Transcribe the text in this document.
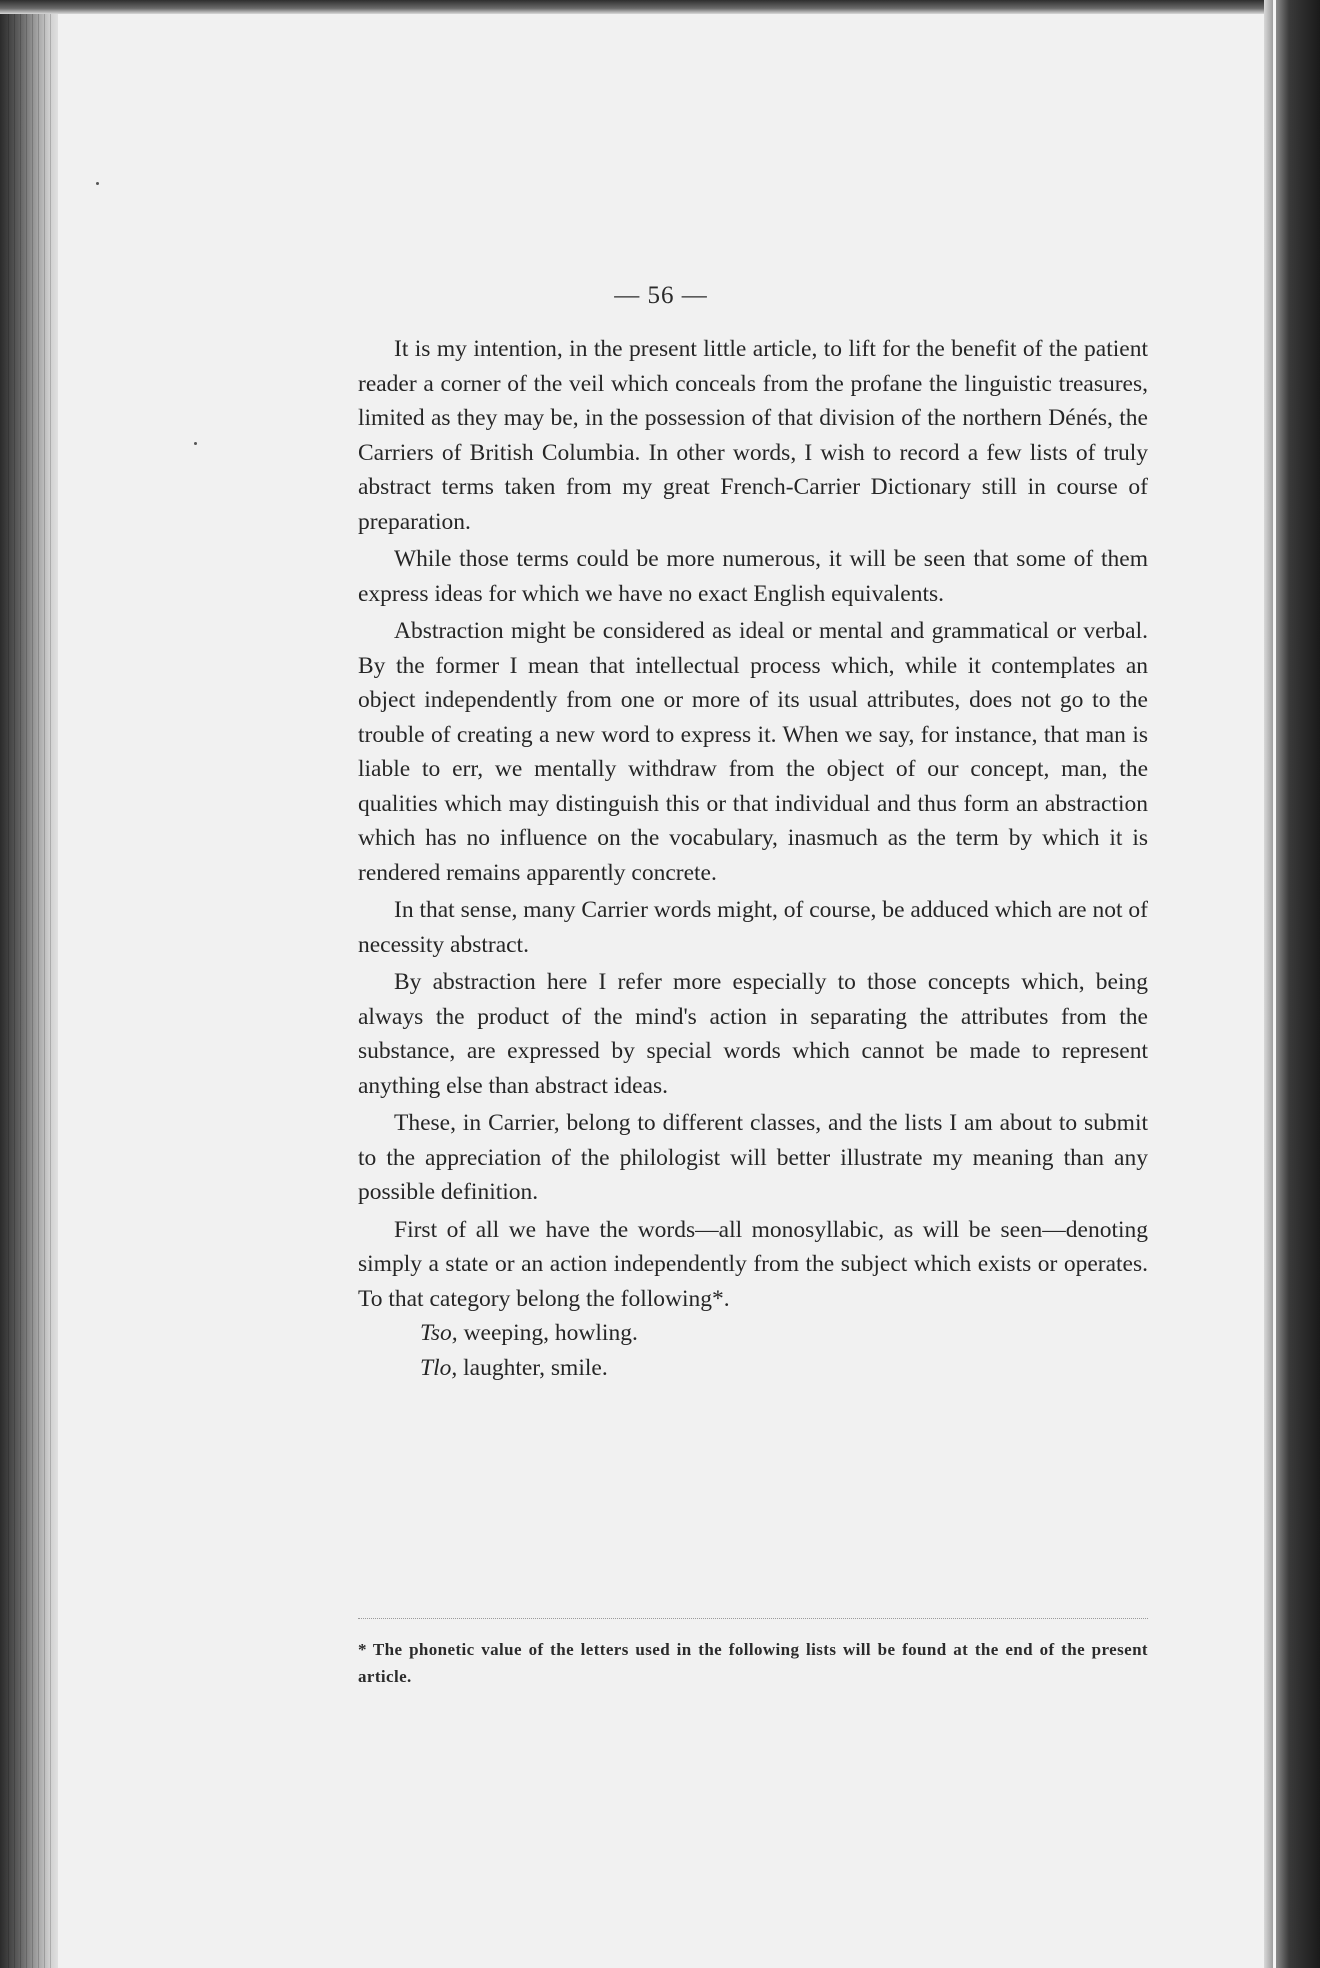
— 56 —

It is my intention, in the present little article, to lift for the benefit of the patient reader a corner of the veil which conceals from the profane the linguistic treasures, limited as they may be, in the possession of that division of the northern Dénés, the Carriers of British Columbia. In other words, I wish to record a few lists of truly abstract terms taken from my great French-Carrier Dictionary still in course of preparation.

While those terms could be more numerous, it will be seen that some of them express ideas for which we have no exact English equivalents.

Abstraction might be considered as ideal or mental and grammatical or verbal. By the former I mean that intellectual process which, while it contemplates an object independently from one or more of its usual attributes, does not go to the trouble of creating a new word to express it. When we say, for instance, that man is liable to err, we mentally withdraw from the object of our concept, man, the qualities which may distinguish this or that individual and thus form an abstraction which has no influence on the vocabulary, inasmuch as the term by which it is rendered remains apparently concrete.

In that sense, many Carrier words might, of course, be adduced which are not of necessity abstract.

By abstraction here I refer more especially to those concepts which, being always the product of the mind's action in separating the attributes from the substance, are expressed by special words which cannot be made to represent anything else than abstract ideas.

These, in Carrier, belong to different classes, and the lists I am about to submit to the appreciation of the philologist will better illustrate my meaning than any possible definition.

First of all we have the words—all monosyllabic, as will be seen—denoting simply a state or an action independently from the subject which exists or operates. To that category belong the following*.

Tso, weeping, howling.
Tlo, laughter, smile.
* The phonetic value of the letters used in the following lists will be found at the end of the present article.
